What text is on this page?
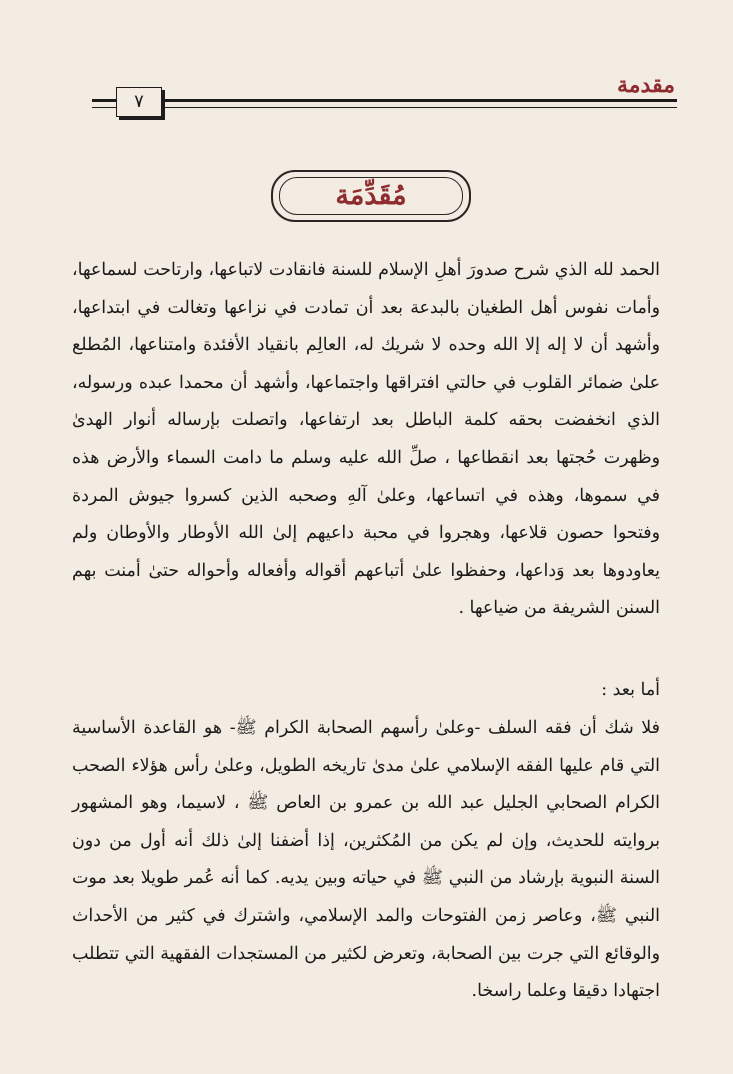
مقدمة
٧
مُقَدِّمَة

الحمد لله الذي شرح صدورَ أهلِ الإسلام للسنة فانقادت لاتباعها، وارتاحت لسماعها، وأمات نفوس أهل الطغيان بالبدعة بعد أن تمادت في نزاعها وتغالت في ابتداعها، وأشهد أن لا إله إلا الله وحده لا شريك له، العالِم بانقياد الأفئدة وامتناعها، المُطلع علىٰ ضمائر القلوب في حالتي افتراقها واجتماعها، وأشهد أن محمدا عبده ورسوله، الذي انخفضت بحقه كلمة الباطل بعد ارتفاعها، واتصلت بإرساله أنوار الهدىٰ وظهرت حُجتها بعد انقطاعها ، صلِّ الله عليه وسلم ما دامت السماء والأرض هذه في سموها، وهذه في اتساعها، وعلىٰ آلهِ وصحبه الذين كسروا جيوش المردة وفتحوا حصون قلاعها، وهجروا في محبة داعيهم إلىٰ الله الأوطار والأوطان ولم يعاودوها بعد وَداعها، وحفظوا علىٰ أتباعهم أقواله وأفعاله وأحواله حتىٰ أمنت بهم السنن الشريفة من ضياعها .

أما بعد :

فلا شك أن فقه السلف -وعلىٰ رأسهم الصحابة الكرام ﷺ- هو القاعدة الأساسية التي قام عليها الفقه الإسلامي علىٰ مدىٰ تاريخه الطويل، وعلىٰ رأس هؤلاء الصحب الكرام الصحابي الجليل عبد الله بن عمرو بن العاص ﷺ ، لاسيما، وهو المشهور بروايته للحديث، وإن لم يكن من المُكثرين، إذا أضفنا إلىٰ ذلك أنه أول من دون السنة النبوية بإرشاد من النبي ﷺ في حياته وبين يديه. كما أنه عُمر طويلا بعد موت النبي ﷺ، وعاصر زمن الفتوحات والمد الإسلامي، واشترك في كثير من الأحداث والوقائع التي جرت بين الصحابة، وتعرض لكثير من المستجدات الفقهية التي تتطلب اجتهادا دقيقا وعلما راسخا.
